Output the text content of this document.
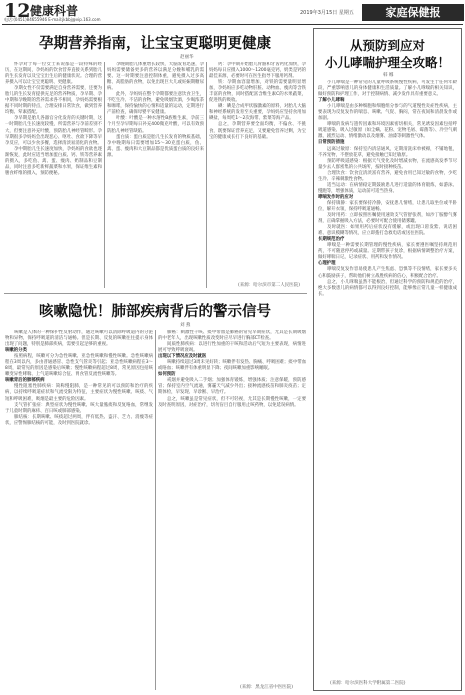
12 健康科普
电话:(0451)84655946 E-mail:jkbbj@vip.163.com
2019年3月15日 星期五	家庭保健报
孕期营养指南，让宝宝更聪明更健康
赵丽华

怀孕对于每一位女士来说都是一段特殊的经历，在这期间，孕妈妈的饮食营养直接关系到胎儿的生长发育以及宝宝出生后的健康状况。合理的营养摄入可以让宝宝更聪明、更健康。

孕期女性不仅需要满足自身营养需要，还要为胎儿的生长发育提供充足的营养物质，孕早期、孕中期和孕晚期的营养需求各不相同，孕妈妈需要根据不同时期的特点，合理安排日常饮食，做到营养均衡、荤素搭配。

孕早期是胎儿各器官分化发育的关键时期，这一时期胎儿生长速度较慢，所需营养与孕前差别不大，但要注意补充叶酸，预防胎儿神经管畸形。孕早期很多孕妈妈会出现恶心、呕吐、食欲下降等早孕反应，可以少食多餐，选择清淡易消化的食物。

孕中期胎儿生长速度加快，孕妈妈的食欲也逐渐恢复，此时应适当增加蛋白质、钙、铁等营养素的摄入，多吃鱼、禽、蛋、瘦肉、奶制品和豆制品，同时注意多吃新鲜蔬菜和水果，保证维生素和膳食纤维的摄入，预防便秘。

孕晚期胎儿体重增长较快，大脑发育迅速，孕妈妈需要储备更多的营养以满足分娩和哺乳的需要。这一时期要注意控制体重，避免摄入过多高糖、高脂肪的食物，以免出现巨大儿或妊娠期糖尿病。

此外，孕妈妈在整个孕期都要注意饮食卫生，不吃生冷、不洁的食物，避免吸烟饮酒，少喝浓茶和咖啡，保持愉快的心情和适量的运动，定期进行产前检查，确保母婴平安健康。

叶酸：叶酸是一种水溶性B族维生素，孕前三个月至孕早期每日补充400微克叶酸，可以有效预防胎儿神经管缺陷。

蛋白质：蛋白质是胎儿生长发育的物质基础，孕中晚期每日需要增加15～30克蛋白质，鱼、禽、蛋、瘦肉和大豆制品都是优质蛋白质的良好来源。

钙：孕中期开始胎儿骨骼和牙齿钙化加快，孕妈妈每日应摄入1000～1200毫克钙，奶类是钙的最佳来源，必要时可在医生指导下服用钙剂。

铁：孕期血容量增加，对铁的需要量明显增加，孕妈妈应多吃动物肝脏、动物血、瘦肉等含铁丰富的食物，同时搭配富含维生素C的水果蔬菜，促进铁的吸收。

碘：碘是合成甲状腺激素的原料，对胎儿大脑和神经系统的发育至关重要，孕妈妈应坚持食用加碘盐，每周吃1～2次海带、紫菜等海产品。

总之，孕期营养要全面均衡，不偏食、不挑食，既要保证营养充足，又要避免营养过剩，为宝宝的健康成长打下良好的基础。

(来源：哈尔滨市第二人民医院)
咳嗽隐忧！肺部疾病背后的警示信号
刘 燕

咳嗽是人体的一种保护性反射动作，通过咳嗽可以清除呼吸道内的分泌物和异物，保持呼吸道的清洁与通畅。但是长期、反复的咳嗽往往提示身体出现了问题，特别是肺部疾病，需要引起足够的重视。

咳嗽的分类

按照病程，咳嗽可分为急性咳嗽、亚急性咳嗽和慢性咳嗽。急性咳嗽病程在3周以内，多由普通感冒、急性支气管炎等引起；亚急性咳嗽病程在3～8周，最常见的原因是感染后咳嗽；慢性咳嗽病程超过8周，常见原因包括咳嗽变异性哮喘、上气道咳嗽综合征、胃食管反流性咳嗽等。

咳嗽背后的肺部疾病

慢性阻塞性肺疾病：简称慢阻肺，是一种常见的可以预防和治疗的疾病，以持续呼吸道症状和气流受限为特征，主要症状为慢性咳嗽、咳痰、气短和呼吸困难，吸烟是最主要的危险因素。

支气管扩张症：典型症状为慢性咳嗽、咳大量脓痰和反复咯血，常继发于儿童时期的麻疹、百日咳或肺部感染。

肺结核：长期咳嗽、咳痰超过两周，伴有低热、盗汗、乏力、消瘦等症状，应警惕肺结核的可能，及时到医院就诊。

肺癌：刺激性干咳、痰中带血是肺癌的常见早期症状，尤其是长期吸烟的中老年人，出现咳嗽性质改变时应尽早进行胸部CT检查。

间质性肺疾病：以进行性加重的干咳和活动后气短为主要表现，病情进展可导致呼吸衰竭。

出现以下情况应及时就医

咳嗽持续超过3周未见好转；咳嗽伴有发热、胸痛、呼吸困难；痰中带血或咯血；咳嗽伴有体重明显下降；夜间咳嗽加重影响睡眠。

如何预防

戒烟并避免吸入二手烟；加强体育锻炼，增强体质；注意保暖，预防感冒；保持室内空气流通，雾霾天气减少外出；接种流感疫苗和肺炎疫苗；定期体检，早发现、早诊断、早治疗。

总之，咳嗽虽是常见症状，但不可轻视，尤其是长期慢性咳嗽，一定要及时查明原因，对症治疗，切勿盲目自行服用止咳药物，以免延误病情。

(来源：黑龙江省中医医院)
从预防到应对
小儿哮喘护理全攻略！
韩 娜

小儿哮喘是一种常见的儿童呼吸系统慢性疾病，可发生于任何年龄段，严重影响患儿的身体健康和生活质量。了解小儿哮喘的相关知识，做好预防和护理工作，对于控制病情、减少发作具有重要意义。

了解小儿哮喘

小儿哮喘是由多种细胞和细胞组分参与的气道慢性炎症性疾病，主要表现为反复发作的喘息、咳嗽、气促、胸闷，常在夜间和清晨发作或加剧。

哮喘的发病与遗传因素和环境因素密切相关，常见诱发因素包括呼吸道感染、吸入过敏原（如尘螨、花粉、宠物毛屑、霉菌等）、冷空气刺激、剧烈运动、情绪激动以及烟雾、油漆等刺激性气体。

日常预防措施

远离过敏原：保持室内清洁通风，定期清洗床单被褥，不铺地毯，不养宠物，不摆放花草，避免接触已知过敏原。

预防呼吸道感染：根据天气变化及时增减衣物，在流感高发季节尽量少去人群密集的公共场所，按时接种疫苗。

合理饮食：饮食宜清淡富有营养，避免食用已知过敏的食物，少吃生冷、辛辣刺激性食物。

适当运动：在病情稳定期鼓励患儿进行适量的体育锻炼，如游泳、慢跑等，增强体质，运动前可适当热身。

哮喘发作时的应对

保持镇静：家长要保持冷静，安抚患儿情绪，让患儿取坐位或半卧位，解开衣领，保持呼吸道通畅。

及时用药：立即按照医嘱使用速效支气管舒张剂，如沙丁胺醇气雾剂，正确掌握吸入方法，必要时可配合使用储雾罐。

及时就医：如果用药后症状没有缓解，或出现口唇发紫、说话困难、意识模糊等情况，应立即拨打急救电话或送往医院。

长期规范治疗

哮喘是一种需要长期管理的慢性疾病，家长要遵医嘱坚持规范用药，不可随意停药或减量。定期带孩子复诊，根据病情调整治疗方案，做好哮喘日记，记录症状、用药和发作情况。

心理护理

哮喘反复发作容易使患儿产生焦虑、恐惧等不良情绪，家长要多关心和鼓励孩子，帮助他们树立战胜疾病的信心，积极配合治疗。

总之，小儿哮喘虽然不能根治，但通过科学的预防和规范的治疗，绝大多数患儿的病情都可以得到良好控制，能够像正常儿童一样健康成长。

(来源：哈尔滨医科大学附属第二医院)
